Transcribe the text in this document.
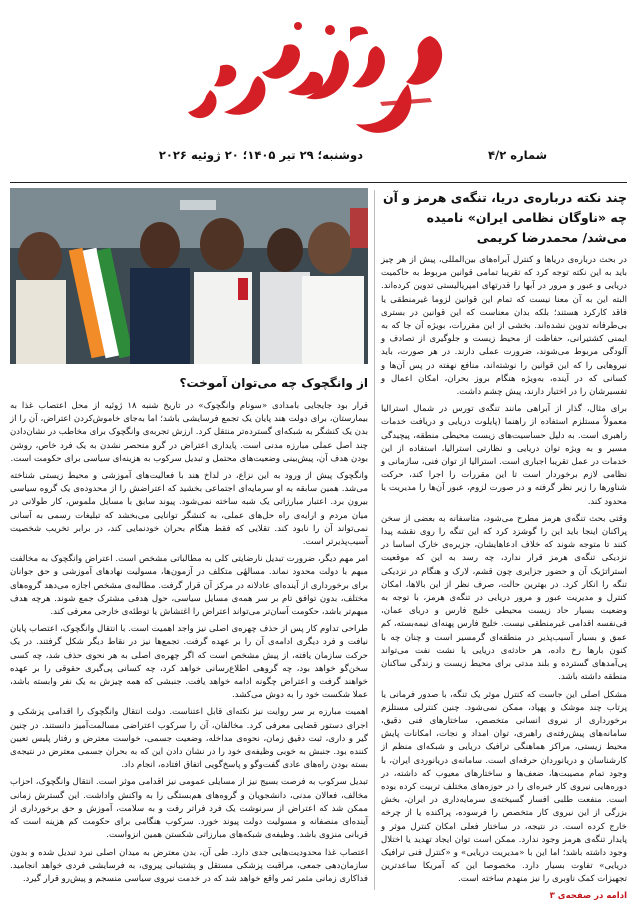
شماره ۴/۲
دوشنبه؛ ۲۹ تیر ۱۴۰۵؛ ۲۰ ژوئیه ۲۰۲۶
چند نکته درباره‌ی دریا، تنگه‌ی هرمز و آن چه «ناوگان نظامی ایران» نامیده می‌شد/ محمدرضا کریمی

در بحث درباره‌ی دریاها و کنترل آبراه‌های بین‌المللی، پیش از هر چیز باید به این نکته توجه کرد که تقریبا تمامی قوانین مربوط به حاکمیت دریایی و عبور و مرور در آبها را قدرتهای امپریالیستی تدوین کرده‌اند. البته این به آن معنا نیست که تمام این قوانین لزوما غیرمنطقی یا فاقد کارکرد هستند؛ بلکه بدان معناست که این قوانین در بستری بی‌طرفانه تدوین نشده‌اند. بخشی از این مقررات، بویژه آن جا که به ایمنی کشتیرانی، حفاظت از محیط زیست و جلوگیری از تصادف و آلودگی مربوط می‌شوند، ضرورت عملی دارند. در هر صورت، باید نیروهایی را که این قوانین را نوشته‌اند، منافع نهفته در پس آن‌ها و کسانی که در آینده، به‌ویژه هنگام بروز بحران، امکان اعمال و تفسیرشان را در اختیار دارند، پیش چشم داشت.

برای مثال، گذار از آبراهی مانند تنگه‌ی تورس در شمال استرالیا معمولاً مستلزم استفاده از راهنما (پایلوت دریایی و دریافت خدمات راهبری است. به دلیل حساسیت‌های زیست محیطی منطقه، پیچیدگی مسیر و به ویژه توان دریایی و نظارتی استرالیا، استفاده از این خدمات در عمل تقریبا اجباری است. استرالیا از توان فنی، سازمانی و نظامی لازم برخوردار است تا این مقررات را اجرا کند، حرکت شناورها را زیر نظر گرفته و در صورت لزوم، عبور آن‌ها را مدیریت یا محدود کند.

وقتی بحث تنگه‌ی هرمز مطرح می‌شود، متاسفانه به بعضی از سخن پراکنان اینجا باید این را گوشزد کرد که این تنگه را روی نقشه پیدا کنند تا متوجه شوند که خلاف ادعاهایشان، جزیره‌ی خارک اساسا در نزدیکی تنگه‌ی هرمز قرار ندارد، چه رسد به این که موقعیت استراتژیک آن و حضور جزایری چون قشم، لارک و هنگام در نزدیکی تنگه را انکار کرد. در بهترین حالت، صرف نظر از این بالاها، امکان کنترل و مدیریت عبور و مرور دریایی در تنگه‌ی هرمز، با توجه به وضعیت بسیار حاد زیست محیطی خلیج فارس و دریای عمان، فی‌نفسه اقدامی غیرمنطقی نیست. خلیج فارس پهنه‌ای نیمه‌بسته، کم عمق و بسیار آسیب‌پذیر در منطقه‌ای گرمسیر است و چنان چه با کنون بارها رخ داده، هر حادثه‌ی دریایی یا نشت نفت می‌تواند پی‌آمدهای گسترده و بلند مدتی برای محیط زیست و زندگی ساکنان منطقه داشته باشد.

مشکل اصلی این جاست که کنترل موثر یک تنگه، با صدور فرمانی یا پرتاب چند موشک و پهپاد، ممکن نمی‌شود. چنین کنترلی مستلزم برخورداری از نیروی انسانی متخصص، ساختارهای فنی دقیق، سامانه‌های پیش‌رفته‌ی راهبری، توان امداد و نجات، امکانات پایش محیط زیستی، مراکز هماهنگی ترافیک دریایی و شبکه‌ای منظم از کارشناسان و دریانوردان حرفه‌ای است. سامانه‌ی دریانوردی ایران، با وجود تمام مصیبت‌ها، ضعف‌ها و ساختارهای معیوب که داشته، در دوره‌هایی نیروی کار خبره‌ای را در حوزه‌های مختلف تربیت کرده بوده است. منفعت طلبی افسار گسیخته‌ی سرمایه‌داری در ایران، بخش بزرگی از این نیروی کار متخصص را فرسوده، پراکنده یا از چرخه خارج کرده است. در نتیجه، در ساختار فعلی امکان کنترل موثر و پایدار تنگه‌ی هرمز وجود ندارد. ممکن است توان ایجاد تهدید یا اختلال وجود داشته باشد؛ اما این با «مدیریت دریایی» و «کنترل فنی ترافیک دریایی» تفاوت بسیار دارد. مخصوصا این که آمریکا ساعدترین تجهیزات کمک ناوبری را نیز منهدم ساخته است.

ادامه در صفحه‌ی ۳
از وانگچوک چه می‌توان آموخت؟

قرار بود جایجایی بامدادی «سونام وانگچوک» در تاریخ شنبه ۱۸ ژوئیه از محل اعتصاب غذا به بیمارستان، برای دولت هند پایان یک تجمع فرسایشی باشد؛ اما به‌جای خاموش‌کردن اعتراض، آن را از بدن یک کنشگر به شبکه‌ای گسترده‌تر منتقل کرد. ارزش تجربه‌ی وانگچوک برای مخاطب در نشان‌دادن چند اصل عملی مبارزه مدنی است. پایداری اعتراض در گرو منحصر نشدن به یک فرد خاص، روشن بودن هدف آن، پیش‌بینی وضعیت‌های محتمل و تبدیل سرکوب به هزینه‌ای سیاسی برای حکومت است.

وانگچوک پیش از ورود به این نزاع، در لداخ هند با فعالیت‌های آموزشی و محیط زیستی شناخته می‌شد. همین سابقه به او سرمایه‌ای اجتماعی بخشید که اعتراضش را از محدوده‌ی یک گروه سیاسی بیرون برد. اعتبار مبارزاتی یک شبه ساخته نمی‌شود. پیوند سابق با مسایل ملموس، کار طولانی در میان مردم و ارایه‌ی راه حل‌های عملی، به کنشگر توانایی می‌بخشد که تبلیغات رسمی به آسانی نمی‌تواند آن را نابود کند. تقلایی که فقط هنگام بحران خودنمایی کند، در برابر تخریب شخصیت آسیب‌پذیرتر است.

امر مهم دیگر، ضرورت تبدیل نارضایتی کلی به مطالباتی مشخص است. اعتراض وانگچوک به مخالفت مبهم با دولت محدود نماند. مسالهٔی متکلف در آزمون‌ها، مسولیت نهادهای آموزشی و حق جوانان برای برخورداری از آینده‌ای عادلانه در مرکز آن قرار گرفت. مطالبه‌ی مشخص اجازه می‌دهد گروه‌های مختلف، بدون توافق تام بر سر همه‌ی مسایل سیاسی، حول هدفی مشترک جمع شوند. هرچه هدف مبهم‌تر باشد، حکومت آسان‌تر می‌تواند اعتراض را اغتشاش یا توطئه‌ی خارجی معرفی کند.

طراحی تداوم کار پس از حذف چهره‌ی اصلی نیز واجد اهمیت است. با انتقال وانگچوک، اعتصاب پایان نیافت و فرد دیگری ادامه‌ی آن را بر عهده گرفت. تجمع‌ها نیز در نقاط دیگر شکل گرفتند. در یک حرکت سازمان یافته، از پیش مشخص است که اگر چهره‌ی اصلی به هر نحوی حذف شد، چه کسی سخن‌گو خواهد بود، چه گروهی اطلاع‌رسانی خواهد کرد، چه کسانی پی‌گیری حقوقی را بر عهده خواهند گرفت و اعتراض چگونه ادامه خواهد یافت. جنبشی که همه چیزش به یک نفر وابسته باشد، عملا شکست خود را به دوش می‌کشد.

اهمیت مبارزه بر سر روایت نیز نکته‌ای قابل اعتناست. دولت انتقال وانگچوک را اقدامی پزشکی و اجرای دستور قضایی معرفی کرد. مخالفان، آن را سرکوب اعتراضی مسالمت‌آمیز دانستند. در چنین گیر و داری، ثبت دقیق زمان، نحوه‌ی مداخله، وضعیت جسمی، خواست معترض و رفتار پلیس تعیین کننده بود. جنبش به خوبی وظیفه‌ی خود را در نشان دادن این که به بحران جسمی معترض در نتیجه‌ی بسته بودن راه‌های عادی گفت‌وگو و پاسخ‌گویی اتفاق افتاده، انجام داد.

تبدیل سرکوب به فرصت بسیج نیز از مسایلی عمومی نیز اقدامی موثر است. انتقال وانگچوک، احزاب مخالف، فعالان مدنی، دانشجویان و گروه‌های هم‌بستگی را به واکنش واداشت. این گسترش زمانی ممکن شد که اعتراض از سرنوشت یک فرد فراتر رفت و به سلامت، آموزش و حق برخورداری از آینده‌ای منصفانه و مسولیت دولت پیوند خورد. سرکوب هنگامی برای حکومت کم هزینه است که قربانی منزوی باشد. وظیفه‌ی شبکه‌های مبارزاتی شکستن همین انزواست.

اعتصاب غذا محدودیت‌هایی جدی دارد. طی آن، بدن معترض به میدان اصلی نبرد تبدیل شده و بدون سازمان‌دهی جمعی، مراقبت پزشکی مستقل و پشتیبانی پیروی، به فرسایشی فردی خواهد انجامید. فداکاری زمانی مثمر ثمر واقع خواهد شد که در خدمت نیروی سیاسی منسجم و پیش‌رو قرار گیرد.
